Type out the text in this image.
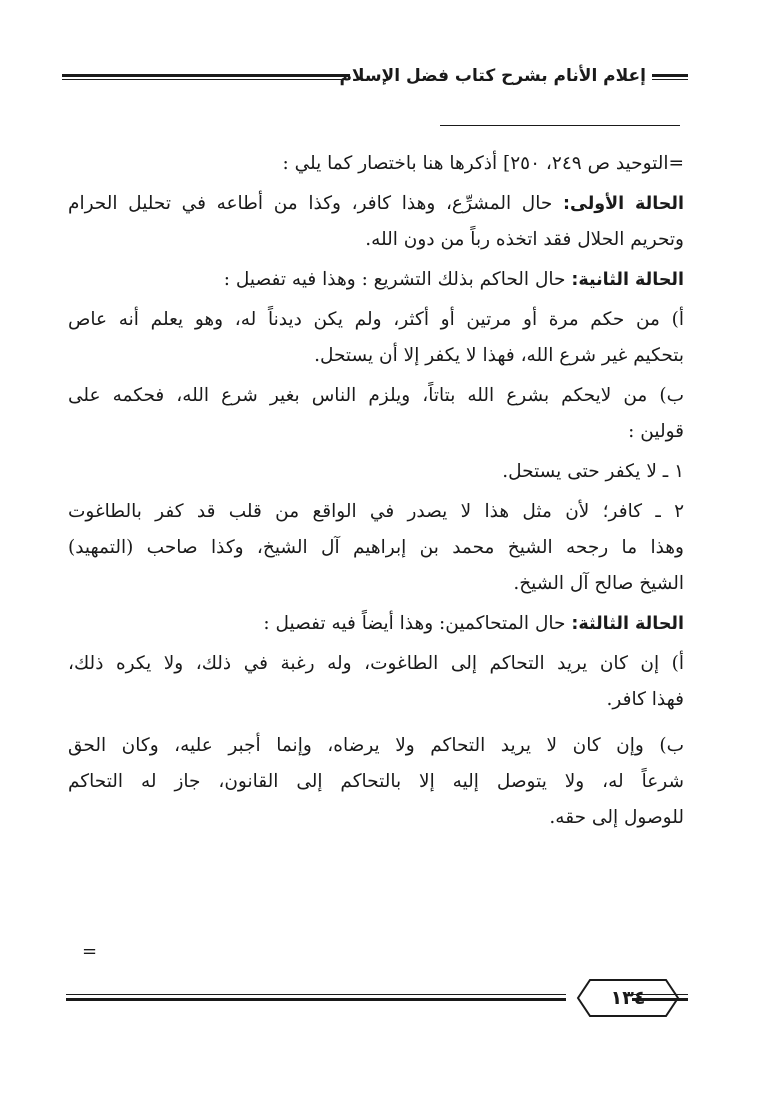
إعلام الأنام بشرح كتاب فضل الإسلام
=التوحيد ص ٢٤٩، ٢٥٠] أذكرها هنا باختصار كما يلي :
الحالة الأولى: حال المشرِّع، وهذا كافر، وكذا من أطاعه في تحليل الحرام
وتحريم الحلال فقد اتخذه رباً من دون الله.
الحالة الثانية: حال الحاكم بذلك التشريع : وهذا فيه تفصيل :
أ) من حكم مرة أو مرتين أو أكثر، ولم يكن ديدناً له، وهو يعلم أنه عاص
بتحكيم غير شرع الله، فهذا لا يكفر إلا أن يستحل.
ب) من لايحكم بشرع الله بتاتاً، ويلزم الناس بغير شرع الله، فحكمه على
قولين :
١ ـ لا يكفر حتى يستحل.
٢ ـ كافر؛ لأن مثل هذا لا يصدر في الواقع من قلب قد كفر بالطاغوت
وهذا ما رجحه الشيخ محمد بن إبراهيم آل الشيخ، وكذا صاحب (التمهيد)
الشيخ صالح آل الشيخ.
الحالة الثالثة: حال المتحاكمين: وهذا أيضاً فيه تفصيل :
أ) إن كان يريد التحاكم إلى الطاغوت، وله رغبة في ذلك، ولا يكره ذلك،
فهذا كافر.
ب) وإن كان لا يريد التحاكم ولا يرضاه، وإنما أجبر عليه، وكان الحق
شرعاً له، ولا يتوصل إليه إلا بالتحاكم إلى القانون، جاز له التحاكم
للوصول إلى حقه.
=
١٣٤
